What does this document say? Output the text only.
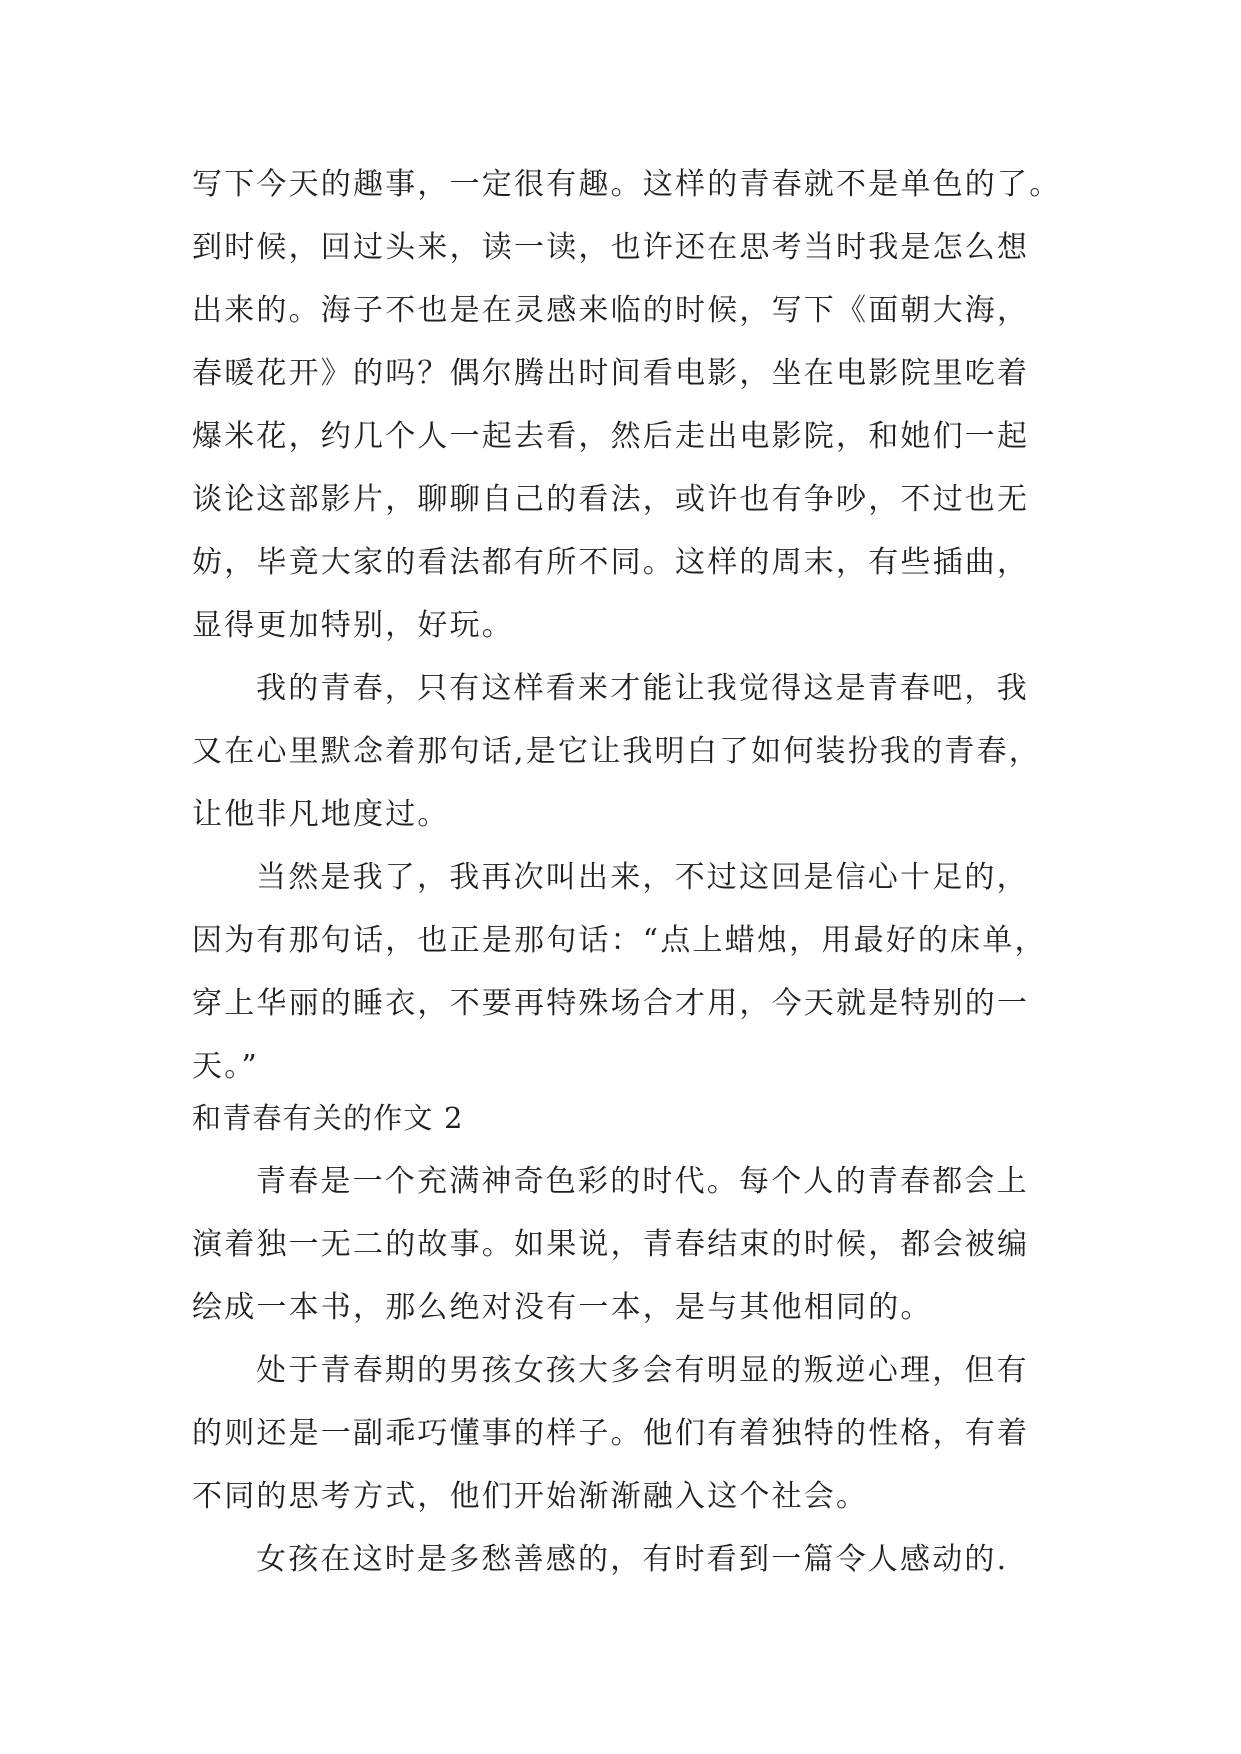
写下今天的趣事，一定很有趣。这样的青春就不是单色的了。
到时候，回过头来，读一读，也许还在思考当时我是怎么想
出来的。海子不也是在灵感来临的时候，写下《面朝大海，
春暖花开》的吗？偶尔腾出时间看电影，坐在电影院里吃着
爆米花，约几个人一起去看，然后走出电影院，和她们一起
谈论这部影片，聊聊自己的看法，或许也有争吵，不过也无
妨，毕竟大家的看法都有所不同。这样的周末，有些插曲，
显得更加特别，好玩。
我的青春，只有这样看来才能让我觉得这是青春吧，我
又在心里默念着那句话,是它让我明白了如何装扮我的青春，
让他非凡地度过。
当然是我了，我再次叫出来，不过这回是信心十足的，
因为有那句话，也正是那句话：“点上蜡烛，用最好的床单，
穿上华丽的睡衣，不要再特殊场合才用，今天就是特别的一
天。”
和青春有关的作文 2
青春是一个充满神奇色彩的时代。每个人的青春都会上
演着独一无二的故事。如果说，青春结束的时候，都会被编
绘成一本书，那么绝对没有一本，是与其他相同的。
处于青春期的男孩女孩大多会有明显的叛逆心理，但有
的则还是一副乖巧懂事的样子。他们有着独特的性格，有着
不同的思考方式，他们开始渐渐融入这个社会。
女孩在这时是多愁善感的，有时看到一篇令人感动的.
